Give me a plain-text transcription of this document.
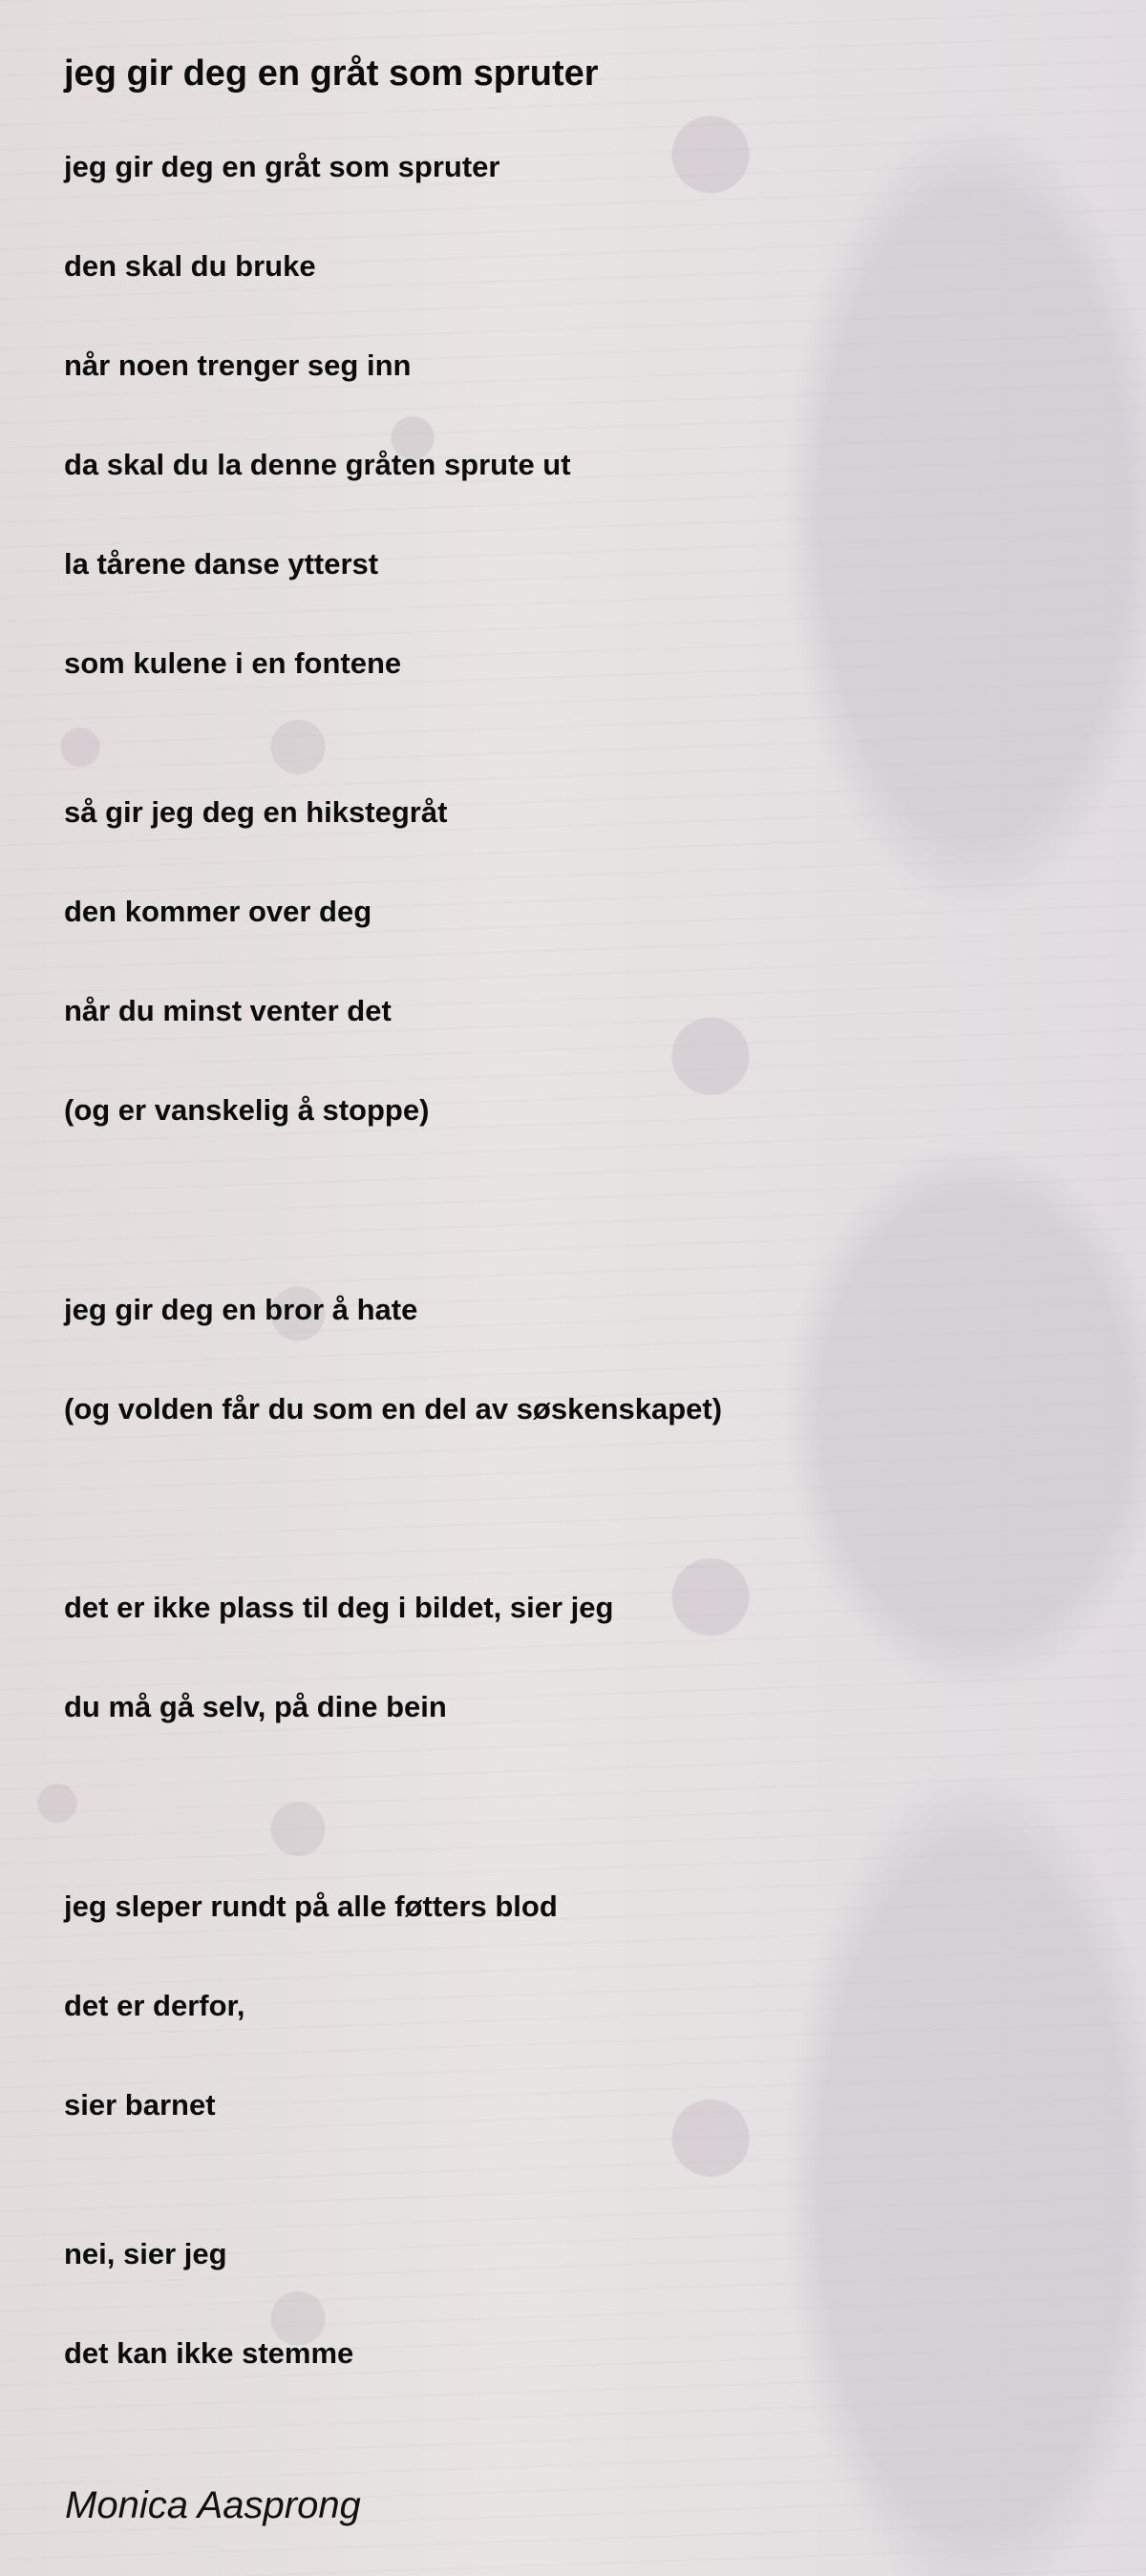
jeg gir deg en gråt som spruter

jeg gir deg en gråt som spruter

den skal du bruke

når noen trenger seg inn

da skal du la denne gråten sprute ut

la tårene danse ytterst

som kulene i en fontene

så gir jeg deg en hikstegråt

den kommer over deg

når du minst venter det

(og er vanskelig å stoppe)

jeg gir deg en bror å hate

(og volden får du som en del av søskenskapet)

det er ikke plass til deg i bildet, sier jeg

du må gå selv, på dine bein

jeg sleper rundt på alle føtters blod

det er derfor,

sier barnet

nei, sier jeg

det kan ikke stemme

Monica Aasprong
